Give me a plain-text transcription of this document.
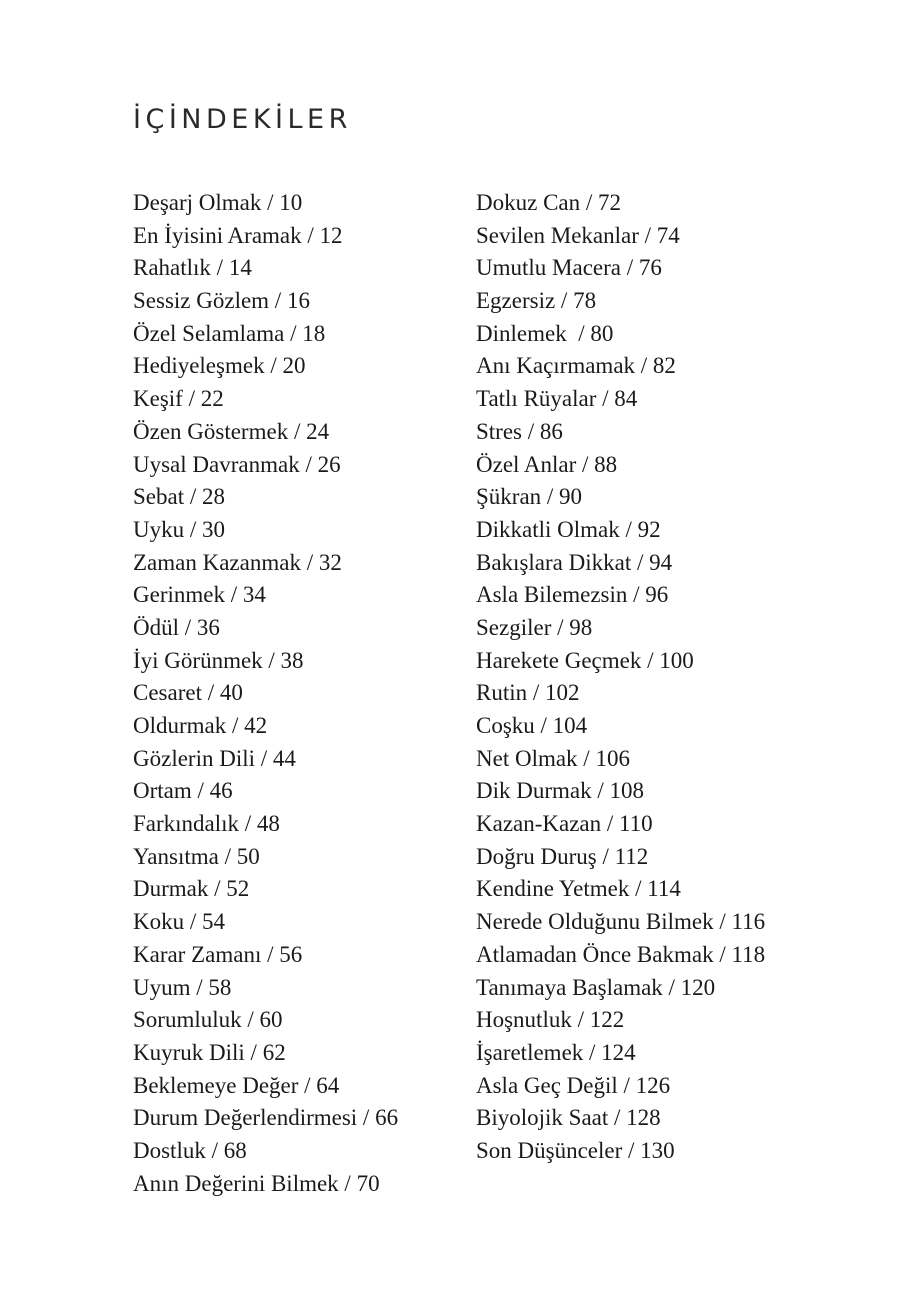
İÇİNDEKİLER
Deşarj Olmak / 10
En İyisini Aramak / 12
Rahatlık / 14
Sessiz Gözlem / 16
Özel Selamlama / 18
Hediyeleşmek / 20
Keşif / 22
Özen Göstermek / 24
Uysal Davranmak / 26
Sebat / 28
Uyku / 30
Zaman Kazanmak / 32
Gerinmek / 34
Ödül / 36
İyi Görünmek / 38
Cesaret / 40
Oldurmak / 42
Gözlerin Dili / 44
Ortam / 46
Farkındalık / 48
Yansıtma / 50
Durmak / 52
Koku / 54
Karar Zamanı / 56
Uyum / 58
Sorumluluk / 60
Kuyruk Dili / 62
Beklemeye Değer / 64
Durum Değerlendirmesi / 66
Dostluk / 68
Anın Değerini Bilmek / 70
Dokuz Can / 72
Sevilen Mekanlar / 74
Umutlu Macera / 76
Egzersiz / 78
Dinlemek  / 80
Anı Kaçırmamak / 82
Tatlı Rüyalar / 84
Stres / 86
Özel Anlar / 88
Şükran / 90
Dikkatli Olmak / 92
Bakışlara Dikkat / 94
Asla Bilemezsin / 96
Sezgiler / 98
Harekete Geçmek / 100
Rutin / 102
Coşku / 104
Net Olmak / 106
Dik Durmak / 108
Kazan-Kazan / 110
Doğru Duruş / 112
Kendine Yetmek / 114
Nerede Olduğunu Bilmek / 116
Atlamadan Önce Bakmak / 118
Tanımaya Başlamak / 120
Hoşnutluk / 122
İşaretlemek / 124
Asla Geç Değil / 126
Biyolojik Saat / 128
Son Düşünceler / 130
